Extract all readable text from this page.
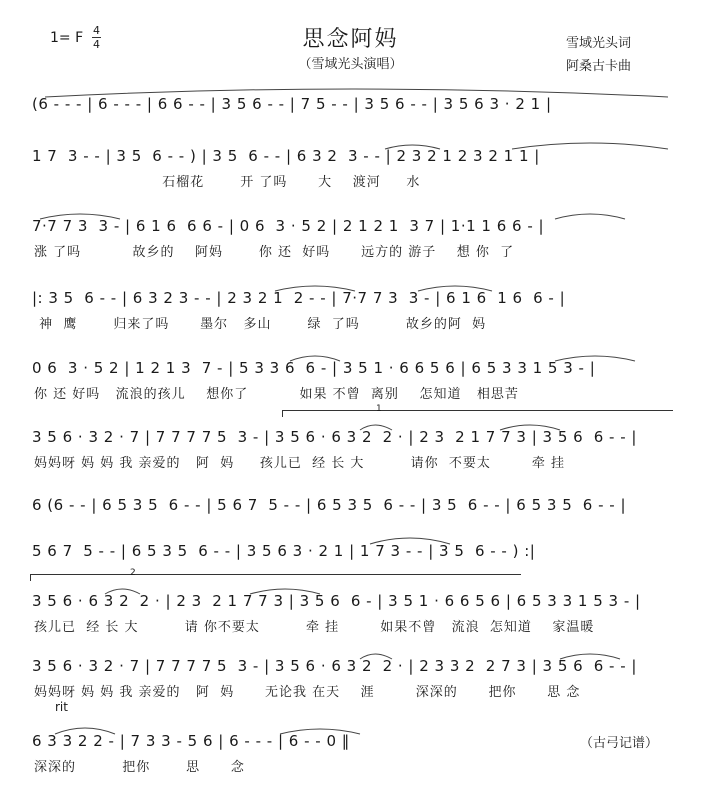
1= F 4
4	思念阿妈
（雪域光头演唱）
雪域光头词
阿桑古卡曲
(6 - - - | 6 - - - | 6 6 - - | 3 5 6 - - | 7 5 - - | 3 5 6 - - | 3 5 6 3 · 2 1 |
1 7  3 - - | 3 5  6 - - ) | 3 5  6 - - | 6 3 2  3 - - | 2 3 2 1 2 3 2 1 1 |
石榴花       开 了吗      大    渡河     水
7·7 7 3  3 - | 6 1 6  6 6 - | 0 6  3 · 5 2 | 2 1 2 1  3 7 | 1·1 1 6 6 - |
涨 了吗          故乡的    阿妈       你 还  好吗      远方的 游子    想 你  了
|: 3 5  6 - - | 6 3 2 3 - - | 2 3 2 1  2 - - | 7·7 7 3  3 - | 6 1 6  1 6  6 - |
神  鹰       归来了吗      墨尔   多山       绿  了吗         故乡的阿  妈
0 6  3 · 5 2 | 1 2 1 3  7 - | 5 3 3 6  6 - | 3 5 1 · 6 6 5 6 | 6 5 3 3 1 5 3 - |
你 还 好吗   流浪的孩儿    想你了          如果 不曾  离别    怎知道   相思苦
1
3 5 6 · 3 2 · 7 | 7 7 7 7 5  3 - | 3 5 6 · 6 3 2  2 · | 2 3  2 1 7 7 3 | 3 5 6  6 - - |
妈妈呀 妈 妈 我 亲爱的   阿  妈     孩儿已  经 长 大         请你  不要太        牵 挂
6 (6 - - | 6 5 3 5  6 - - | 5 6 7  5 - - | 6 5 3 5  6 - - | 3 5  6 - - | 6 5 3 5  6 - - |
5 6 7  5 - - | 6 5 3 5  6 - - | 3 5 6 3 · 2 1 | 1 7 3 - - | 3 5  6 - - ) :|
2
3 5 6 · 6 3 2  2 · | 2 3  2 1 7 7 3 | 3 5 6  6 - | 3 5 1 · 6 6 5 6 | 6 5 3 3 1 5 3 - |
孩儿已  经 长 大         请 你不要太         牵 挂        如果不曾   流浪  怎知道    家温暖
3 5 6 · 3 2 · 7 | 7 7 7 7 5  3 - | 3 5 6 · 6 3 2  2 · | 2 3 3 2  2 7 3 | 3 5 6  6 - - |
妈妈呀 妈 妈 我 亲爱的   阿  妈      无论我 在天    涯        深深的      把你      思 念
rit
6 3 3 2 2 - | 7 3 3 - 5 6 | 6 - - - | 6 - - 0 ‖
深深的         把你       思      念
（古弓记谱）
